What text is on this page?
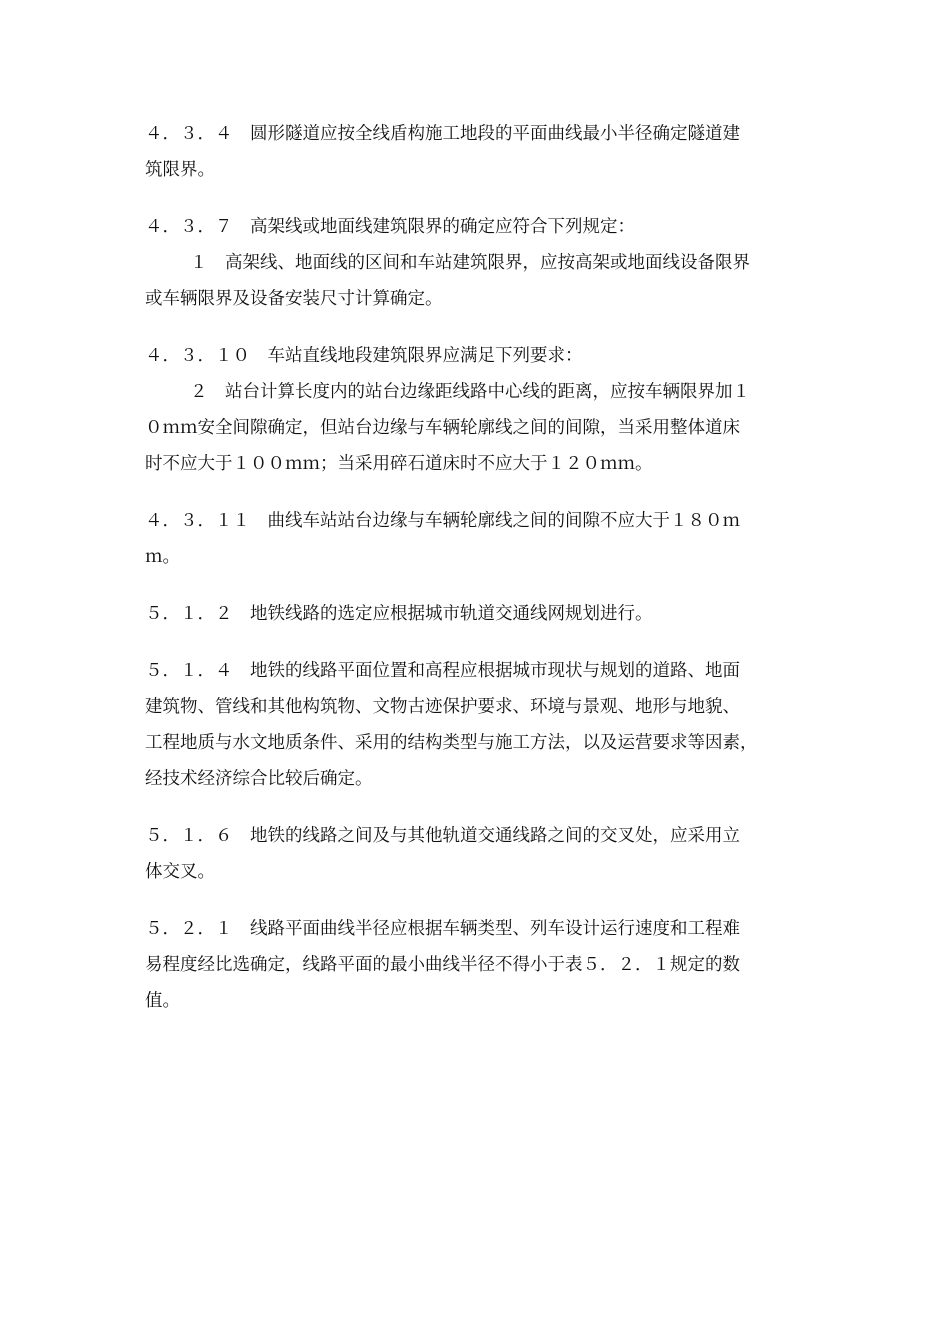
４．３．４　圆形隧道应按全线盾构施工地段的平面曲线最小半径确定隧道建
筑限界。
４．３．７　高架线或地面线建筑限界的确定应符合下列规定：
１　高架线、地面线的区间和车站建筑限界，应按高架或地面线设备限界
或车辆限界及设备安装尺寸计算确定。
４．３．１０　车站直线地段建筑限界应满足下列要求：
２　站台计算长度内的站台边缘距线路中心线的距离，应按车辆限界加１
０ｍｍ安全间隙确定，但站台边缘与车辆轮廓线之间的间隙，当采用整体道床
时不应大于１００ｍｍ；当采用碎石道床时不应大于１２０ｍｍ。
４．３．１１　曲线车站站台边缘与车辆轮廓线之间的间隙不应大于１８０ｍ
ｍ。
５．１．２　地铁线路的选定应根据城市轨道交通线网规划进行。
５．１．４　地铁的线路平面位置和高程应根据城市现状与规划的道路、地面
建筑物、管线和其他构筑物、文物古迹保护要求、环境与景观、地形与地貌、
工程地质与水文地质条件、采用的结构类型与施工方法，以及运营要求等因素，
经技术经济综合比较后确定。
５．１．６　地铁的线路之间及与其他轨道交通线路之间的交叉处，应采用立
体交叉。
５．２．１　线路平面曲线半径应根据车辆类型、列车设计运行速度和工程难
易程度经比选确定，线路平面的最小曲线半径不得小于表５．２．１规定的数
值。
